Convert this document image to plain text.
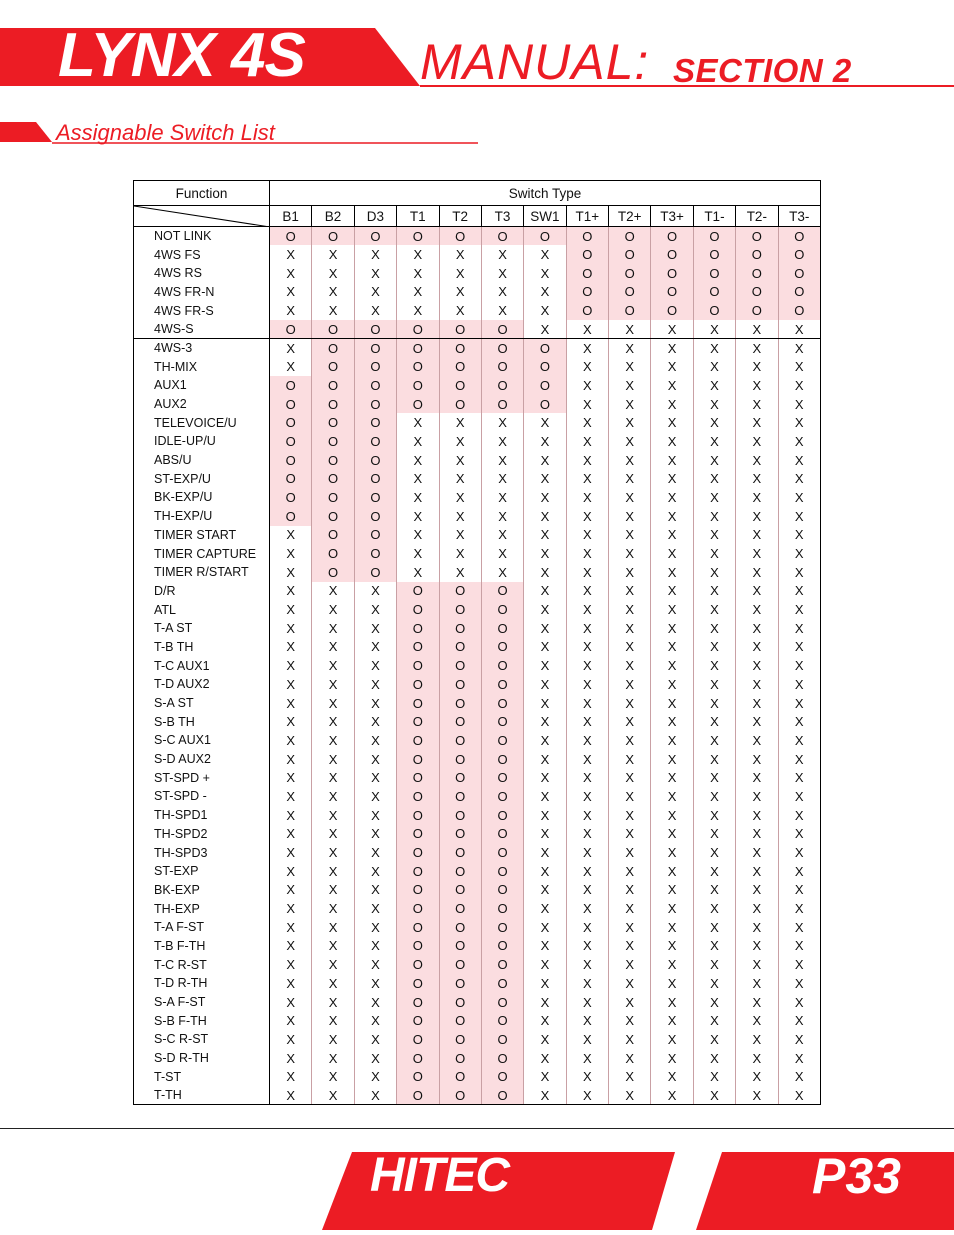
LYNX 4S MANUAL: SECTION 2
Assignable Switch List
Function	Switch Type												

	B1	B2	D3	T1	T2	T3	SW1	T1+	T2+	T3+	T1-	T2-	T3-
NOT LINK	O	O	O	O	O	O	O	O	O	O	O	O	O
4WS FS	X	X	X	X	X	X	X	O	O	O	O	O	O
4WS RS	X	X	X	X	X	X	X	O	O	O	O	O	O
4WS FR-N	X	X	X	X	X	X	X	O	O	O	O	O	O
4WS FR-S	X	X	X	X	X	X	X	O	O	O	O	O	O
4WS-S	O	O	O	O	O	O	X	X	X	X	X	X	X
4WS-3	X	O	O	O	O	O	O	X	X	X	X	X	X
TH-MIX	X	O	O	O	O	O	O	X	X	X	X	X	X
AUX1	O	O	O	O	O	O	O	X	X	X	X	X	X
AUX2	O	O	O	O	O	O	O	X	X	X	X	X	X
TELEVOICE/U	O	O	O	X	X	X	X	X	X	X	X	X	X
IDLE-UP/U	O	O	O	X	X	X	X	X	X	X	X	X	X
ABS/U	O	O	O	X	X	X	X	X	X	X	X	X	X
ST-EXP/U	O	O	O	X	X	X	X	X	X	X	X	X	X
BK-EXP/U	O	O	O	X	X	X	X	X	X	X	X	X	X
TH-EXP/U	O	O	O	X	X	X	X	X	X	X	X	X	X
TIMER START	X	O	O	X	X	X	X	X	X	X	X	X	X
TIMER CAPTURE	X	O	O	X	X	X	X	X	X	X	X	X	X
TIMER R/START	X	O	O	X	X	X	X	X	X	X	X	X	X
D/R	X	X	X	O	O	O	X	X	X	X	X	X	X
ATL	X	X	X	O	O	O	X	X	X	X	X	X	X
T-A ST	X	X	X	O	O	O	X	X	X	X	X	X	X
T-B TH	X	X	X	O	O	O	X	X	X	X	X	X	X
T-C AUX1	X	X	X	O	O	O	X	X	X	X	X	X	X
T-D AUX2	X	X	X	O	O	O	X	X	X	X	X	X	X
S-A ST	X	X	X	O	O	O	X	X	X	X	X	X	X
S-B TH	X	X	X	O	O	O	X	X	X	X	X	X	X
S-C AUX1	X	X	X	O	O	O	X	X	X	X	X	X	X
S-D AUX2	X	X	X	O	O	O	X	X	X	X	X	X	X
ST-SPD +	X	X	X	O	O	O	X	X	X	X	X	X	X
ST-SPD -	X	X	X	O	O	O	X	X	X	X	X	X	X
TH-SPD1	X	X	X	O	O	O	X	X	X	X	X	X	X
TH-SPD2	X	X	X	O	O	O	X	X	X	X	X	X	X
TH-SPD3	X	X	X	O	O	O	X	X	X	X	X	X	X
ST-EXP	X	X	X	O	O	O	X	X	X	X	X	X	X
BK-EXP	X	X	X	O	O	O	X	X	X	X	X	X	X
TH-EXP	X	X	X	O	O	O	X	X	X	X	X	X	X
T-A F-ST	X	X	X	O	O	O	X	X	X	X	X	X	X
T-B F-TH	X	X	X	O	O	O	X	X	X	X	X	X	X
T-C R-ST	X	X	X	O	O	O	X	X	X	X	X	X	X
T-D R-TH	X	X	X	O	O	O	X	X	X	X	X	X	X
S-A F-ST	X	X	X	O	O	O	X	X	X	X	X	X	X
S-B F-TH	X	X	X	O	O	O	X	X	X	X	X	X	X
S-C R-ST	X	X	X	O	O	O	X	X	X	X	X	X	X
S-D R-TH	X	X	X	O	O	O	X	X	X	X	X	X	X
T-ST	X	X	X	O	O	O	X	X	X	X	X	X	X
T-TH	X	X	X	O	O	O	X	X	X	X	X	X	X
HITEC	P33
